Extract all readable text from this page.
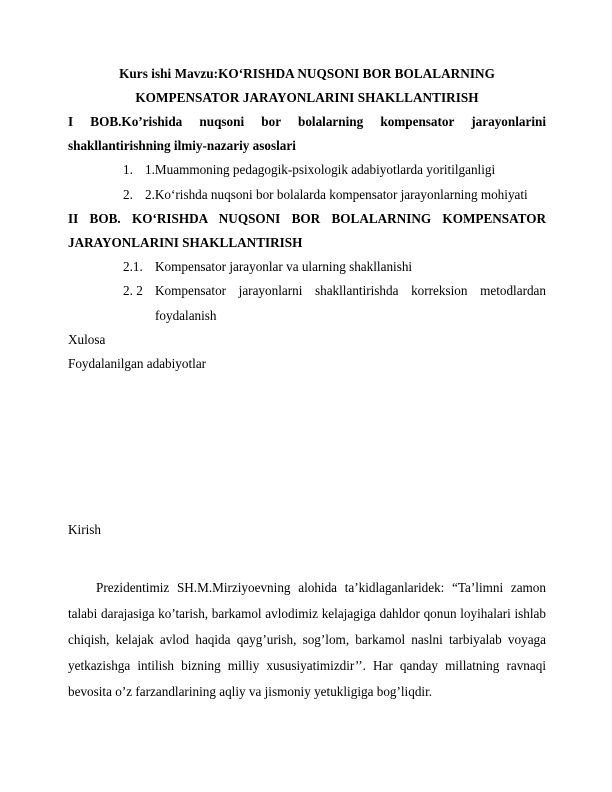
Kurs ishi Mavzu:KO‘RISHDA NUQSONI BOR BOLALARNING
KOMPENSATOR JARAYONLARINI SHAKLLANTIRISH
I BOB.Ko’rishida nuqsoni bor bolalarning kompensator jarayonlarini shakllantirishning ilmiy-nazariy asoslari
1. 1.Muammoning pedagogik-psixologik adabiyotlarda yoritilganligi
2. 2.Ko‘rishda nuqsoni bor bolalarda kompensator jarayonlarning mohiyati
II BOB. KO‘RISHDA NUQSONI BOR BOLALARNING KOMPENSATOR JARAYONLARINI SHAKLLANTIRISH
2.1. Kompensator jarayonlar va ularning shakllanishi
2. 2 Kompensator jarayonlarni shakllantirishda korreksion metodlardan foydalanish
Xulosa
Foydalanilgan adabiyotlar
Kirish

Prezidentimiz SH.M.Mirziyoevning alohida ta’kidlaganlaridek: “Ta’limni zamon talabi darajasiga ko’tarish, barkamol avlodimiz kelajagiga dahldor qonun loyihalari ishlab chiqish, kelajak avlod haqida qayg’urish, sog’lom, barkamol naslni tarbiyalab voyaga yetkazishga intilish bizning milliy xususiyatimizdir’’. Har qanday millatning ravnaqi bevosita o’z farzandlarining aqliy va jismoniy yetukligiga bog’liqdir.
